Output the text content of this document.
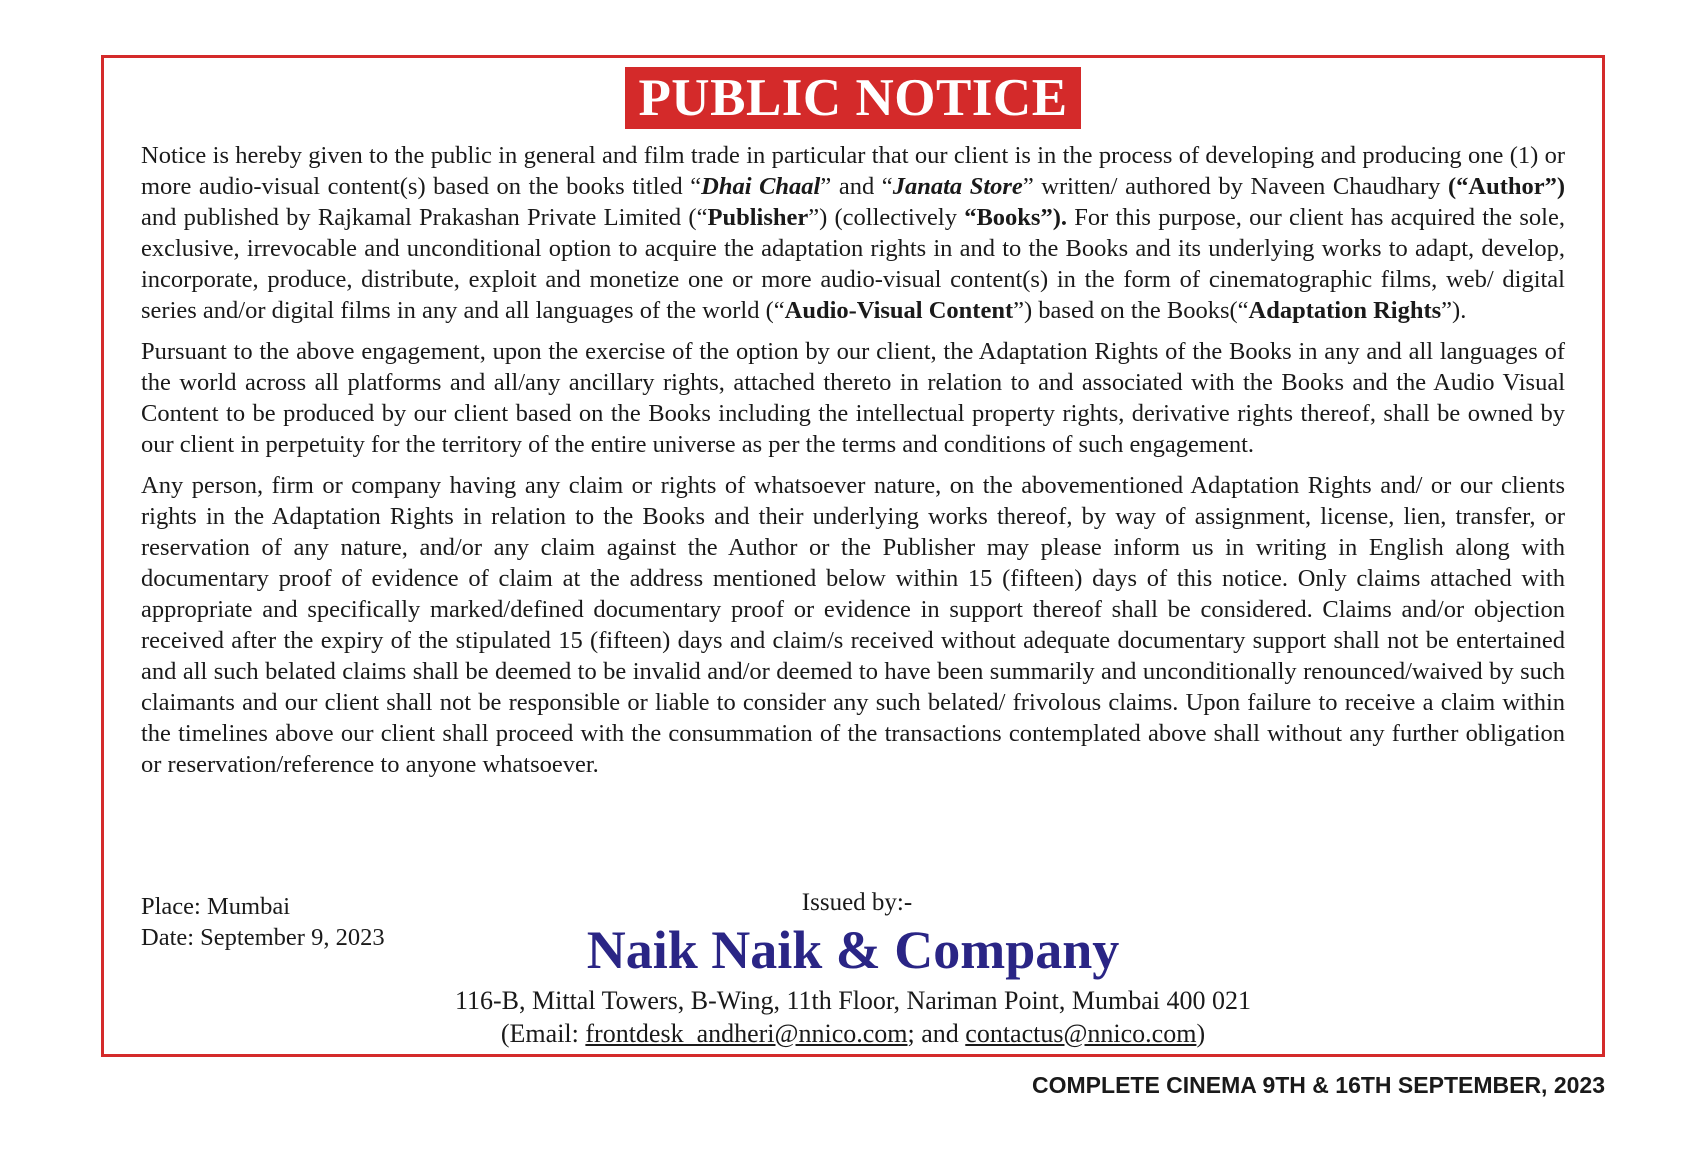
PUBLIC NOTICE

Notice is hereby given to the public in general and film trade in particular that our client is in the process of developing and producing one (1) or more audio-visual content(s) based on the books titled “Dhai Chaal” and “Janata Store” written/ authored by Naveen Chaudhary (“Author”) and published by Rajkamal Prakashan Private Limited (“Publisher”) (collectively “Books”). For this purpose, our client has acquired the sole, exclusive, irrevocable and unconditional option to acquire the adaptation rights in and to the Books and its underlying works to adapt, develop, incorporate, produce, distribute, exploit and monetize one or more audio-visual content(s) in the form of cinematographic films, web/ digital series and/or digital films in any and all languages of the world (“Audio-Visual Content”) based on the Books(“Adaptation Rights”).

Pursuant to the above engagement, upon the exercise of the option by our client, the Adaptation Rights of the Books in any and all languages of the world across all platforms and all/any ancillary rights, attached thereto in relation to and associated with the Books and the Audio Visual Content to be produced by our client based on the Books including the intellectual property rights, derivative rights thereof, shall be owned by our client in perpetuity for the territory of the entire universe as per the terms and conditions of such engagement.

Any person, firm or company having any claim or rights of whatsoever nature, on the abovementioned Adaptation Rights and/ or our clients rights in the Adaptation Rights in relation to the Books and their underlying works thereof, by way of assignment, license, lien, transfer, or reservation of any nature, and/or any claim against the Author or the Publisher may please inform us in writing in English along with documentary proof of evidence of claim at the address mentioned below within 15 (fifteen) days of this notice. Only claims attached with appropriate and specifically marked/defined documentary proof or evidence in support thereof shall be considered. Claims and/or objection received after the expiry of the stipulated 15 (fifteen) days and claim/s received without adequate documentary support shall not be entertained and all such belated claims shall be deemed to be invalid and/or deemed to have been summarily and unconditionally renounced/waived by such claimants and our client shall not be responsible or liable to consider any such belated/ frivolous claims. Upon failure to receive a claim within the timelines above our client shall proceed with the consummation of the transactions contemplated above shall without any further obligation or reservation/reference to anyone whatsoever.

Place: Mumbai
Date: September 9, 2023
Issued by:-
Naik Naik & Company
116-B, Mittal Towers, B-Wing, 11th Floor, Nariman Point, Mumbai 400 021
(Email: frontdesk_andheri@nnico.com; and contactus@nnico.com)
COMPLETE CINEMA 9TH & 16TH SEPTEMBER, 2023
